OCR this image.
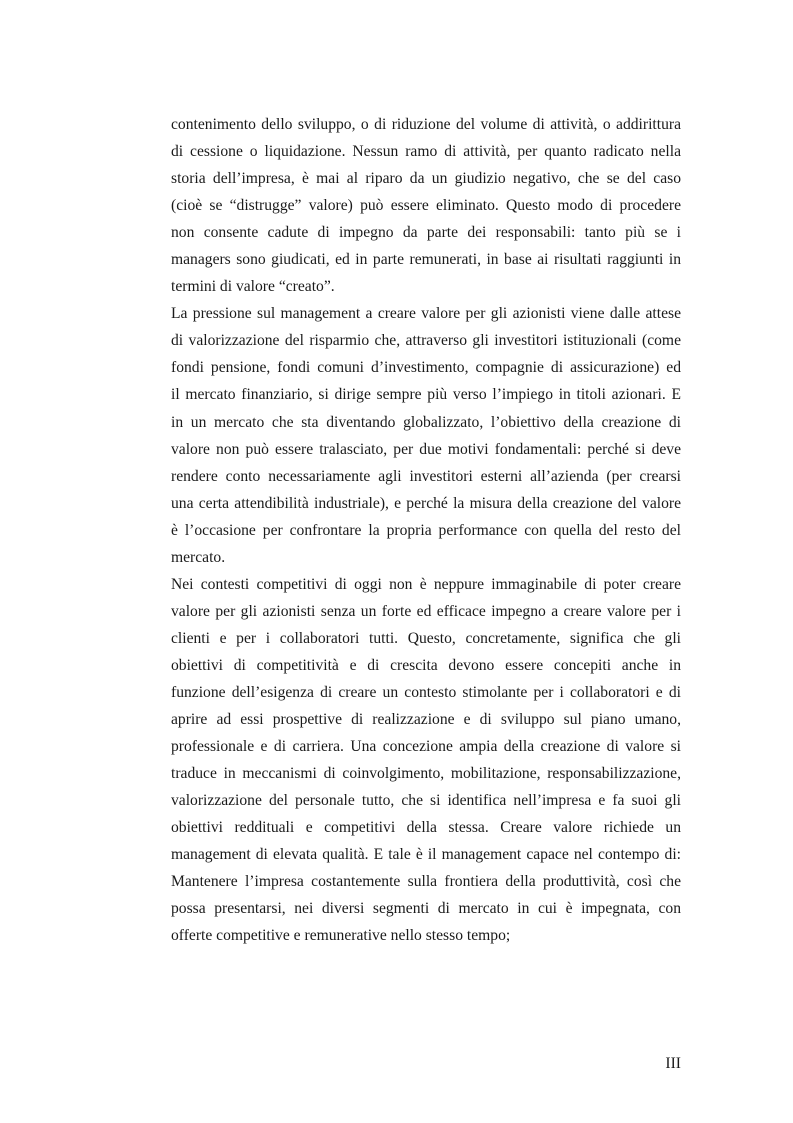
contenimento dello sviluppo, o di riduzione del volume di attività, o addirittura
di cessione o liquidazione. Nessun ramo di attività, per quanto radicato nella
storia dell’impresa, è mai al riparo da un giudizio negativo, che se del caso
(cioè se “distrugge” valore) può essere eliminato. Questo modo di procedere
non consente cadute di impegno da parte dei responsabili: tanto più se i
managers sono giudicati, ed in parte remunerati, in base ai risultati raggiunti in
termini di valore “creato”.
La pressione sul management a creare valore per gli azionisti viene dalle attese
di valorizzazione del risparmio che, attraverso gli investitori istituzionali (come
fondi pensione, fondi comuni d’investimento, compagnie di assicurazione) ed
il mercato finanziario, si dirige sempre più verso l’impiego in titoli azionari. E
in un mercato che sta diventando globalizzato, l’obiettivo della creazione di
valore non può essere tralasciato, per due motivi fondamentali: perché si deve
rendere conto necessariamente agli investitori esterni all’azienda (per crearsi
una certa attendibilità industriale), e perché la misura della creazione del valore
è l’occasione per confrontare la propria performance con quella del resto del
mercato.
Nei contesti competitivi di oggi non è neppure immaginabile di poter creare
valore per gli azionisti senza un forte ed efficace impegno a creare valore per i
clienti e per i collaboratori tutti. Questo, concretamente, significa che gli
obiettivi di competitività e di crescita devono essere concepiti anche in
funzione dell’esigenza di creare un contesto stimolante per i collaboratori e di
aprire ad essi prospettive di realizzazione e di sviluppo sul piano umano,
professionale e di carriera. Una concezione ampia della creazione di valore si
traduce in meccanismi di coinvolgimento, mobilitazione, responsabilizzazione,
valorizzazione del personale tutto, che si identifica nell’impresa e fa suoi gli
obiettivi reddituali e competitivi della stessa. Creare valore richiede un
management di elevata qualità. E tale è il management capace nel contempo di:
Mantenere l’impresa costantemente sulla frontiera della produttività, così che
possa presentarsi, nei diversi segmenti di mercato in cui è impegnata, con
offerte competitive e remunerative nello stesso tempo;
III
